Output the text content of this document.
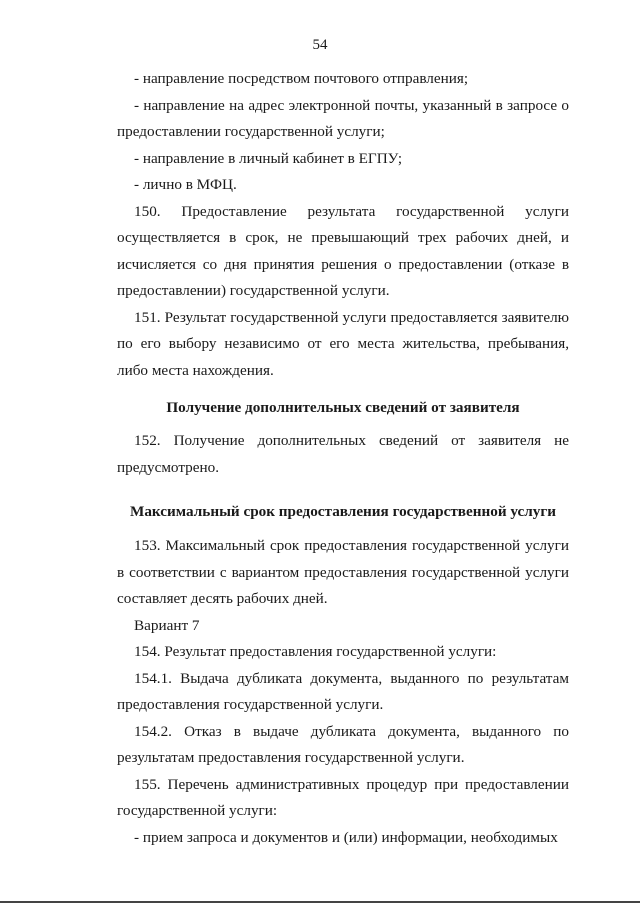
54

- направление посредством почтового отправления;

- направление на адрес электронной почты, указанный в запросе о предоставлении государственной услуги;

- направление в личный кабинет в ЕГПУ;

- лично в МФЦ.

150. Предоставление результата государственной услуги осуществляется в срок, не превышающий трех рабочих дней, и исчисляется со дня принятия решения о предоставлении (отказе в предоставлении) государственной услуги.

151. Результат государственной услуги предоставляется заявителю по его выбору независимо от его места жительства, пребывания, либо места нахождения.

Получение дополнительных сведений от заявителя

152. Получение дополнительных сведений от заявителя не предусмотрено.

Максимальный срок предоставления государственной услуги

153. Максимальный срок предоставления государственной услуги в соответствии с вариантом предоставления государственной услуги составляет десять рабочих дней.

Вариант 7

154. Результат предоставления государственной услуги:

154.1. Выдача дубликата документа, выданного по результатам предоставления государственной услуги.

154.2. Отказ в выдаче дубликата документа, выданного по результатам предоставления государственной услуги.

155. Перечень административных процедур при предоставлении государственной услуги:

- прием запроса и документов и (или) информации, необходимых
